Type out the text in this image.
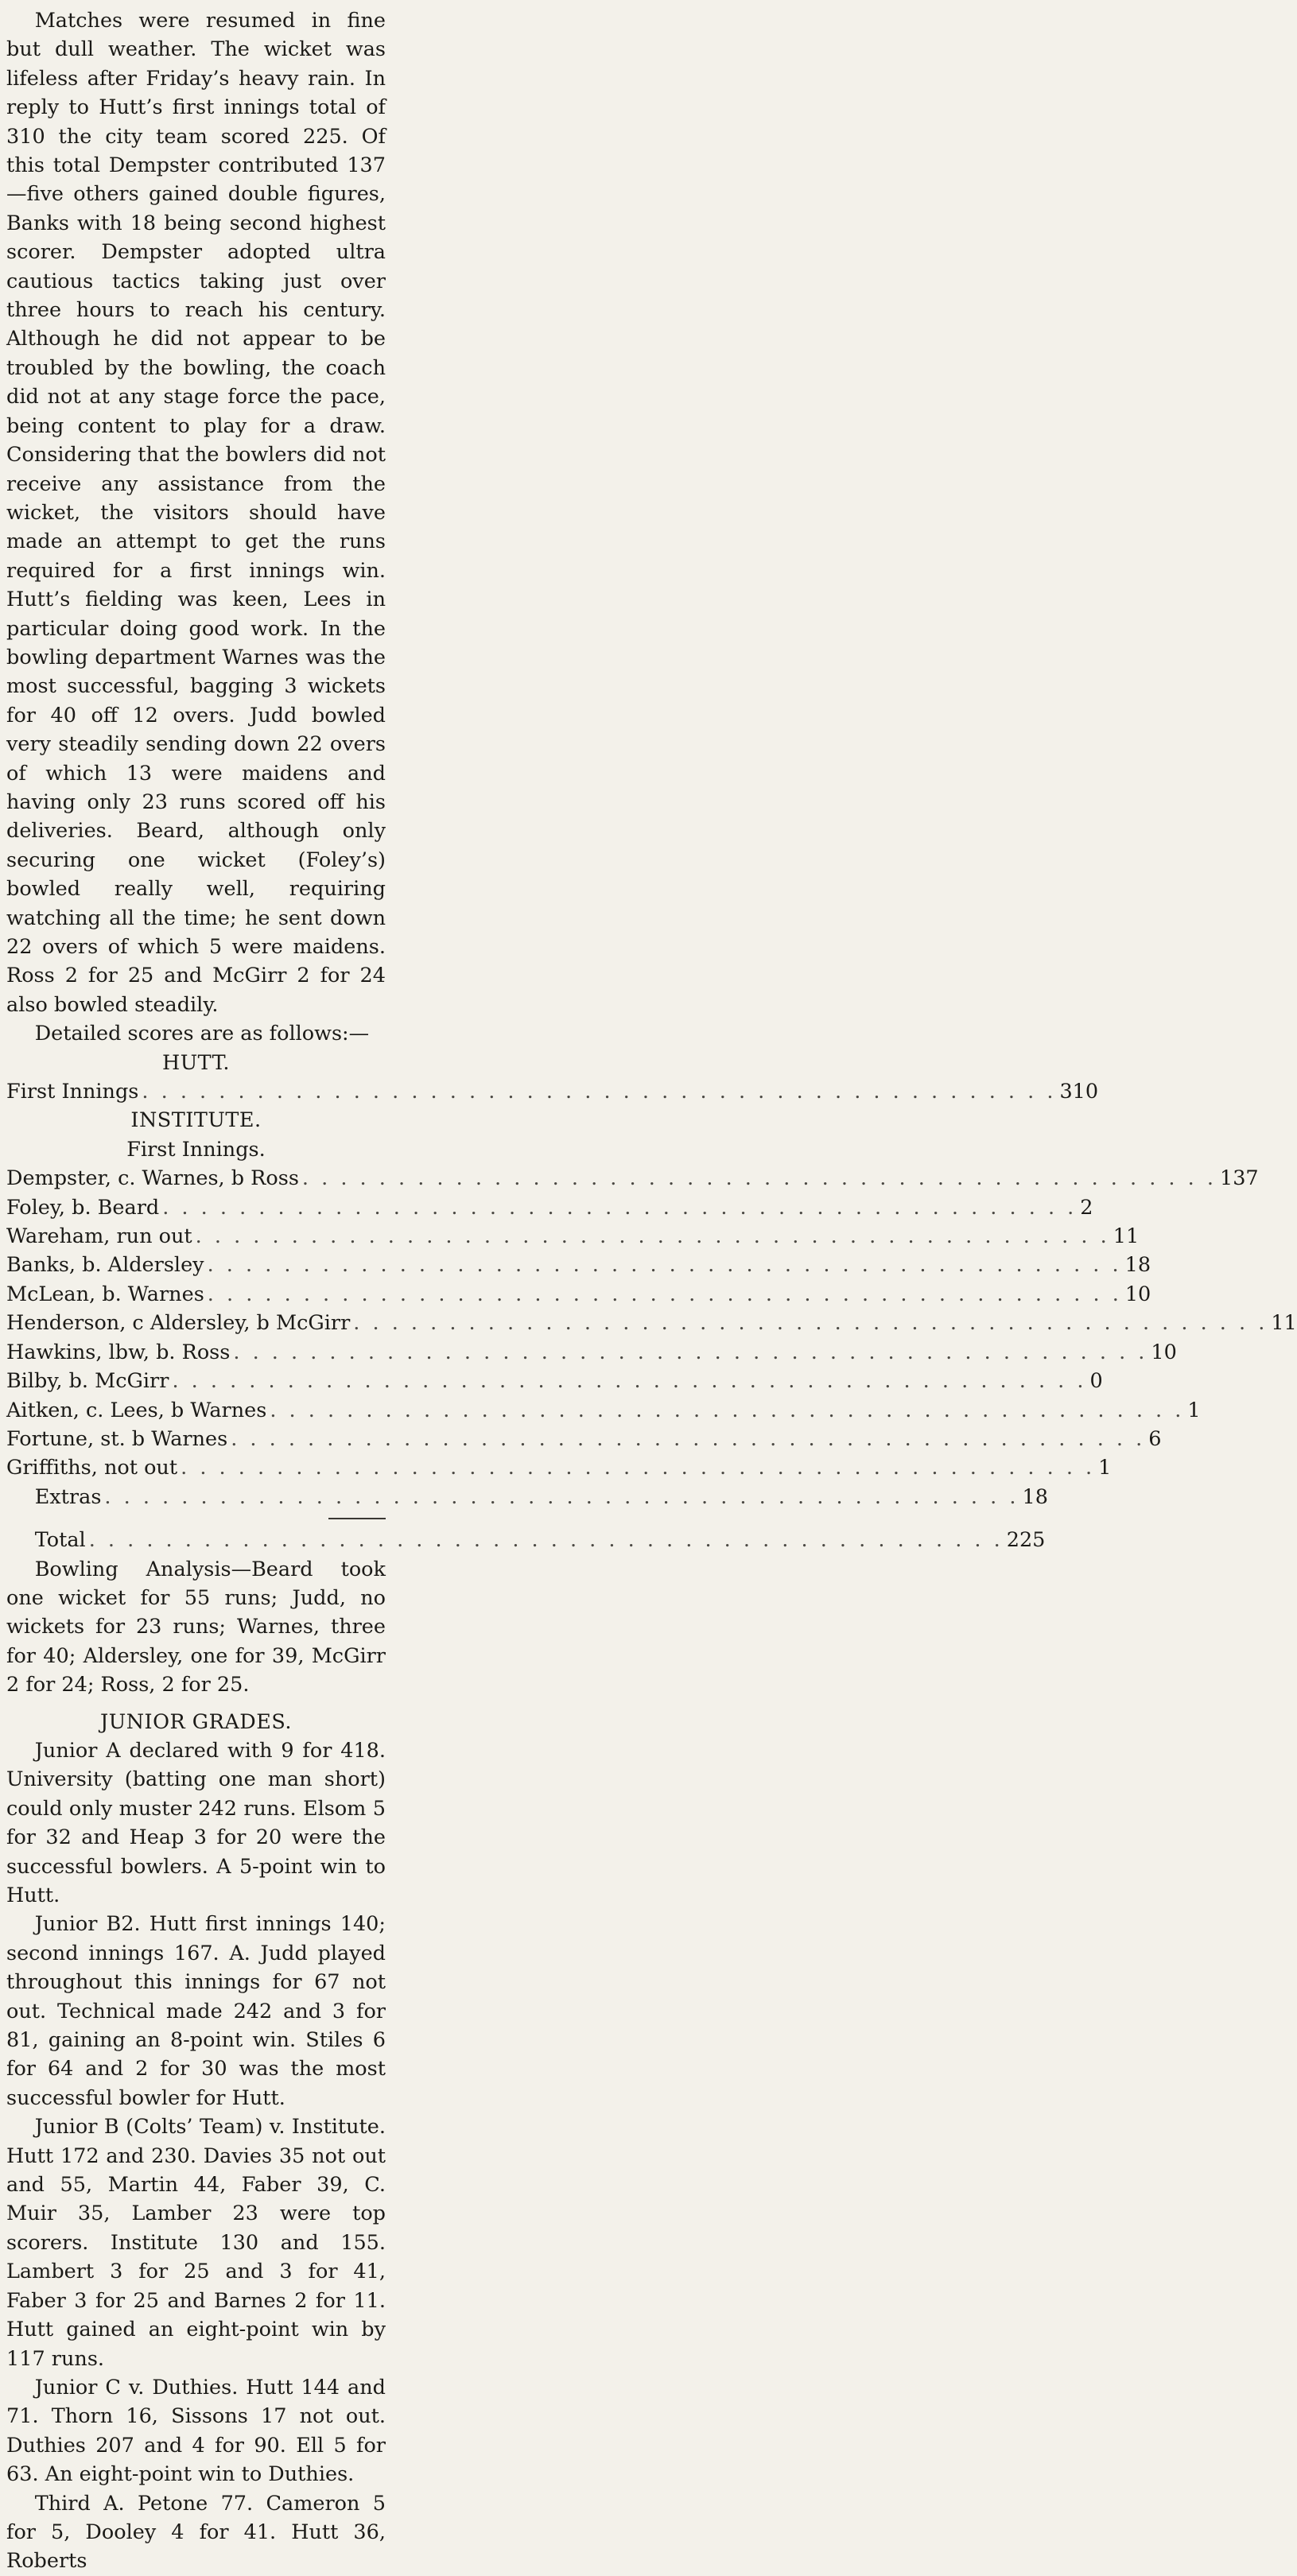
Matches were resumed in fine but dull weather. The wicket was lifeless after Friday’s heavy rain. In reply to Hutt’s first innings total of 310 the city team scored 225. Of this total Dempster contributed 137—five others gained double figures, Banks with 18 being second highest scorer. Dempster adopted ultra cautious tactics taking just over three hours to reach his century. Although he did not appear to be troubled by the bowling, the coach did not at any stage force the pace, being content to play for a draw. Considering that the bowlers did not receive any assistance from the wicket, the visitors should have made an attempt to get the runs required for a first innings win. Hutt’s fielding was keen, Lees in particular doing good work. In the bowling department Warnes was the most successful, bagging 3 wickets for 40 off 12 overs. Judd bowled very steadily sending down 22 overs of which 13 were maidens and having only 23 runs scored off his deliveries. Beard, although only securing one wicket (Foley’s) bowled really well, requiring watching all the time; he sent down 22 overs of which 5 were maidens. Ross 2 for 25 and McGirr 2 for 24 also bowled steadily.

Detailed scores are as follows:—

HUTT.

First Innings . . .	310

INSTITUTE.

First Innings.

Dempster, c. Warnes, b Ross . . .	137
Foley, b. Beard . . .	2
Wareham, run out . . .	11
Banks, b. Aldersley . . .	18
McLean, b. Warnes . . .	10
Henderson, c Aldersley, b McGirr . . .	11
Hawkins, lbw, b. Ross . . .	10
Bilby, b. McGirr . . .	0
Aitken, c. Lees, b Warnes . . .	1
Fortune, st. b Warnes . . .	6
Griffiths, not out . . .	1
Extras . . .	18
Total . . .	225

Bowling Analysis—Beard took one wicket for 55 runs; Judd, no wickets for 23 runs; Warnes, three for 40; Aldersley, one for 39, McGirr 2 for 24; Ross, 2 for 25.

JUNIOR GRADES.

Junior A declared with 9 for 418. University (batting one man short) could only muster 242 runs. Elsom 5 for 32 and Heap 3 for 20 were the successful bowlers. A 5-point win to Hutt.

Junior B2. Hutt first innings 140; second innings 167. A. Judd played throughout this innings for 67 not out. Technical made 242 and 3 for 81, gaining an 8-point win. Stiles 6 for 64 and 2 for 30 was the most successful bowler for Hutt.

Junior B (Colts’ Team) v. Institute. Hutt 172 and 230. Davies 35 not out and 55, Martin 44, Faber 39, C. Muir 35, Lamber 23 were top scorers. Institute 130 and 155. Lambert 3 for 25 and 3 for 41, Faber 3 for 25 and Barnes 2 for 11. Hutt gained an eight-point win by 117 runs.

Junior C v. Duthies. Hutt 144 and 71. Thorn 16, Sissons 17 not out. Duthies 207 and 4 for 90. Ell 5 for 63. An eight-point win to Duthies.

Third A. Petone 77. Cameron 5 for 5, Dooley 4 for 41. Hutt 36, Roberts
